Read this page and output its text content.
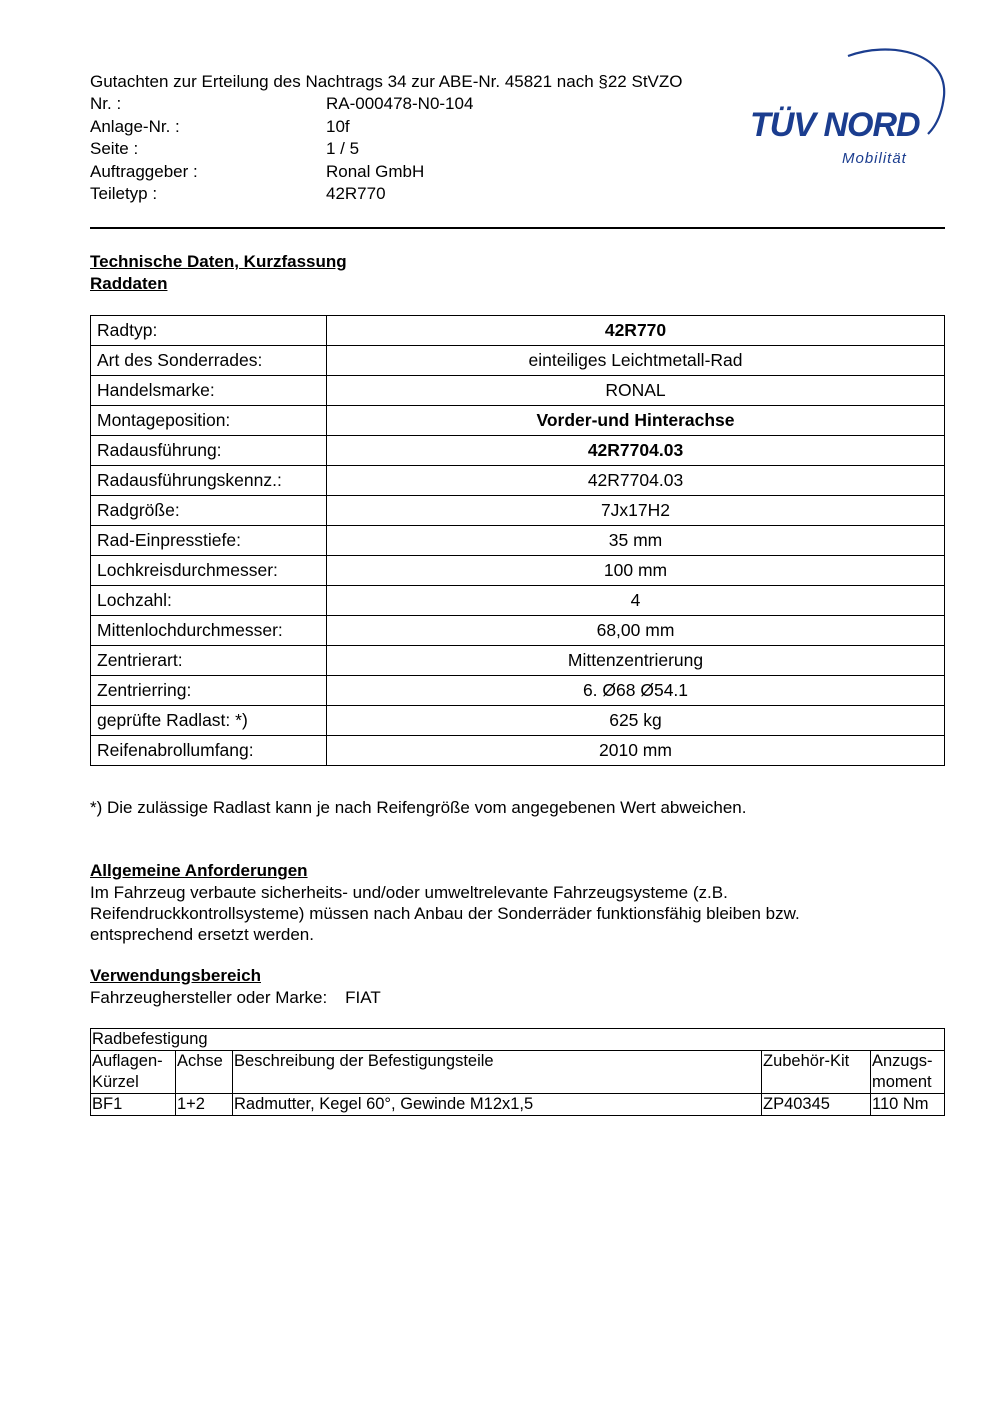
Gutachten zur Erteilung des Nachtrags 34 zur ABE-Nr. 45821 nach §22 StVZO
Nr. :	RA-000478-N0-104
Anlage-Nr. :	10f
Seite :	1 / 5
Auftraggeber :	Ronal GmbH
Teiletyp :	42R770
TÜV NORD
Mobilität
Technische Daten, Kurzfassung
Raddaten
Radtyp:	42R770
Art des Sonderrades:	einteiliges Leichtmetall-Rad
Handelsmarke:	RONAL
Montageposition:	Vorder-und Hinterachse
Radausführung:	42R7704.03
Radausführungskennz.:	42R7704.03
Radgröße:	7Jx17H2
Rad-Einpresstiefe:	35 mm
Lochkreisdurchmesser:	100 mm
Lochzahl:	4
Mittenlochdurchmesser:	68,00 mm
Zentrierart:	Mittenzentrierung
Zentrierring:	6. Ø68 Ø54.1
geprüfte Radlast: *)	625 kg
Reifenabrollumfang:	2010 mm
*) Die zulässige Radlast kann je nach Reifengröße vom angegebenen Wert abweichen.
Allgemeine Anforderungen
Im Fahrzeug verbaute sicherheits- und/oder umweltrelevante Fahrzeugsysteme (z.B.
Reifendruckkontrollsysteme) müssen nach Anbau der Sonderräder funktionsfähig bleiben bzw.
entsprechend ersetzt werden.
Verwendungsbereich
Fahrzeughersteller oder Marke: FIAT
Radbefestigung				
Auflagen-
Kürzel	Achse	Beschreibung der Befestigungsteile	Zubehör-Kit	Anzugs-
moment
BF1	1+2	Radmutter, Kegel 60°, Gewinde M12x1,5	ZP40345	110 Nm
